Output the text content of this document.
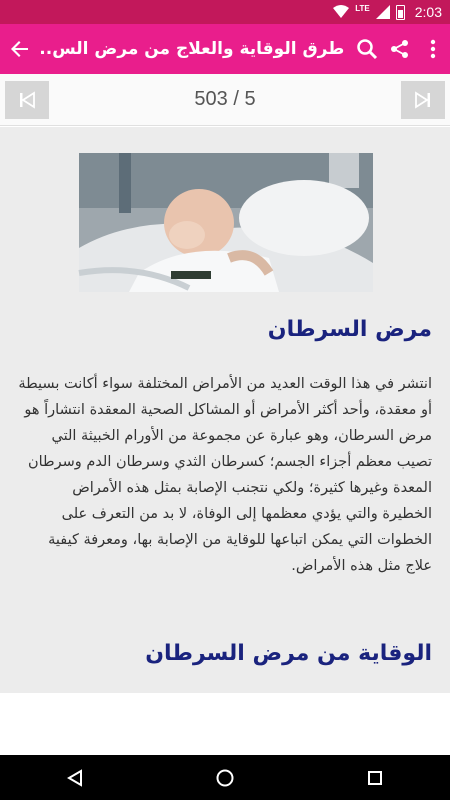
LTE	2:03
طرق الوقاية والعلاج من مرض الس..
503 / 5
مرض السرطان
انتشر في هذا الوقت العديد من الأمراض المختلفة سواء أكانت بسيطة أو معقدة، وأحد أكثر الأمراض أو المشاكل الصحية المعقدة انتشاراً هو مرض السرطان، وهو عبارة عن مجموعة من الأورام الخبيثة التي تصيب معظم أجزاء الجسم؛ كسرطان الثدي وسرطان الدم وسرطان المعدة وغيرها كثيرة؛ ولكي نتجنب الإصابة بمثل هذه الأمراض الخطيرة والتي يؤدي معظمها إلى الوفاة، لا بد من التعرف على الخطوات التي يمكن اتباعها للوقاية من الإصابة بها، ومعرفة كيفية علاج مثل هذه الأمراض.
الوقاية من مرض السرطان
